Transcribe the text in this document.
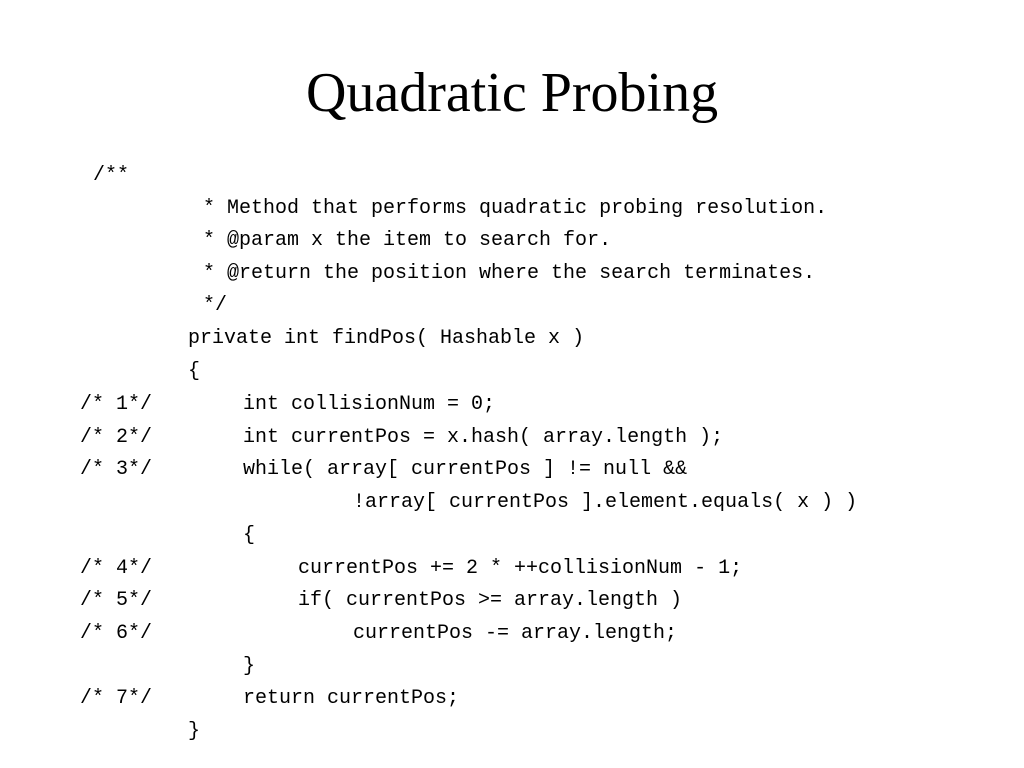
Quadratic Probing
/**
* Method that performs quadratic probing resolution.
* @param x the item to search for.
* @return the position where the search terminates.
*/
private int findPos( Hashable x )
{
/* 1*/	int collisionNum = 0;
/* 2*/	int currentPos = x.hash( array.length );
/* 3*/	while( array[ currentPos ] != null &&
!array[ currentPos ].element.equals( x ) )
{
/* 4*/	currentPos += 2 * ++collisionNum - 1;
/* 5*/	if( currentPos >= array.length )
/* 6*/	currentPos -= array.length;
}
/* 7*/	return currentPos;
}
